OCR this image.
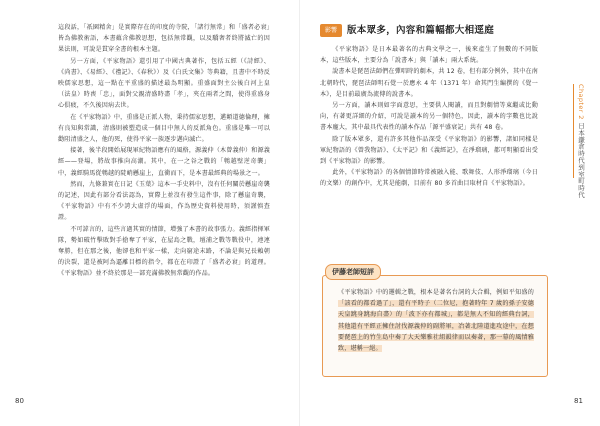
這段話，「祇園精舍」是實際存在的印度的寺院，「諸行無常」和「盛者必衰」皆為佛教術語，本書蘊含佛教思想，包括無常觀，以及驕奢者終將滅亡的因果法則，可說是貫穿全書的根本主題。

另一方面，《平家物語》還引用了中國古典著作，包括五經（《詩經》、《尚書》、《易經》、《禮記》、《春秋》）及《白氏文集》等典籍，且書中不時反映儒家思想，這一點在平重盛的描述最為明顯。重盛面對主公後白河上皇（法皇）時喪「忠」，面對父親清盛時盡「孝」，夾在兩者之間，使得重盛身心俱疲，不久後因病去世。

在《平家物語》中，重盛是正派人物，秉持儒家思想，邁顛道德倫理，擁有良知與常識，清盛則被塑造成一個目中無人的反派角色。重盛是唯一可以勸阻清盛之人，他的死，使得平家一族逐步邁向滅亡。

接著，後半段開始展現軍紀物語應有的風格，源義仲（木曾義仲）和源義經——登場，將故事推向高潮。其中，在一之谷之戰的「鵯越壁逆奇襲」中，義經騎馬從鵯越的陡峭懸崖上，直衝而下，是本書最經典的場景之一。

然而，九條兼實在日記《玉葉》這本一手史料中，沒有任何關於懸崖奇襲的記述，因此有部分看法認為，實際上並沒有發生這件事，除了懸崖奇襲，《平家物語》中有不少誇大虛浮的場面，作為歷史資料使用時，須謹慎查證。

不可諱言的，這些言過其實的情節，增強了本書的故事張力。義經指揮軍隊，勢如破竹擊敗對手搶奪了平家，在屋島之戰，壇浦之戰等戰役中，連連奪勝，但在那之後，他卻也和平家一樣，走向窮途末路，不論是與兄長賴朝的決裂，還是被阿為逼離目標的指令，都在在印證了「盛者必衰」的道理。《平家物語》並不終於那是一部充滿佛教無常觀的作品。

80
影響	版本眾多，內容和篇幅都大相逕庭

《平家物語》是日本最著名的古典文學之一，後來產生了無數的不同版本，這些版本，主要分為「說書本」與「讀本」兩大系統。

說書本是琵琶法師們在彈唱時的劇本，共 12 卷，但有部分例外，其中在南北朝時代，琵琶法師明石覺一於應永 4 年（1371 年）命其門生編撰的《覺一本》，是目前最廣為流傳的說書本。

另一方面，讀本則如字面意思，主要供人閱讀，而且對劇情等東繼或比動向，有著更詳細的介紹，可說是讀本的另一個特色，因此，讀本的字數也比說書本龐大，其中最具代表性的讀本作品「源平盛衰記」共有 48 卷。

除了版本眾多，還有許多其他作品深受《平家物語》的影響，諸如同樣是軍紀物語的《曾我物語》、《太平記》和《義經記》，在淨瑠璃，都可明顯看出受到《平家物語》的影響。

此外，《平家物語》的各個情節時常被融入能、歌舞伎、人形淨瑠璃（今日的文樂）的創作中，尤其是能劇，目前有 80 多首曲目取材自《平家物語》。

Chapter 2 日本鎌倉時代到室町時代
伊藤老師短評

《平家物語》中的邏輯之戰，根本是著名台詞的大合輯，例如平知盛的「該看的都看過了」，還有平時子（二位尼，抱著時年 7 歲的孫子安德天皇跳身跳海自盡）的「波下亦有都城」，都是無人不知的經典台詞，其他還有平經正擁住討伐源義仲的副將軍，冶著北陸道進攻途中，在想要琵琶上的竹生島中奏了大天樂雅社組韻律而以奏著，那一幕的風情雅致，堪稱一絕。

81
